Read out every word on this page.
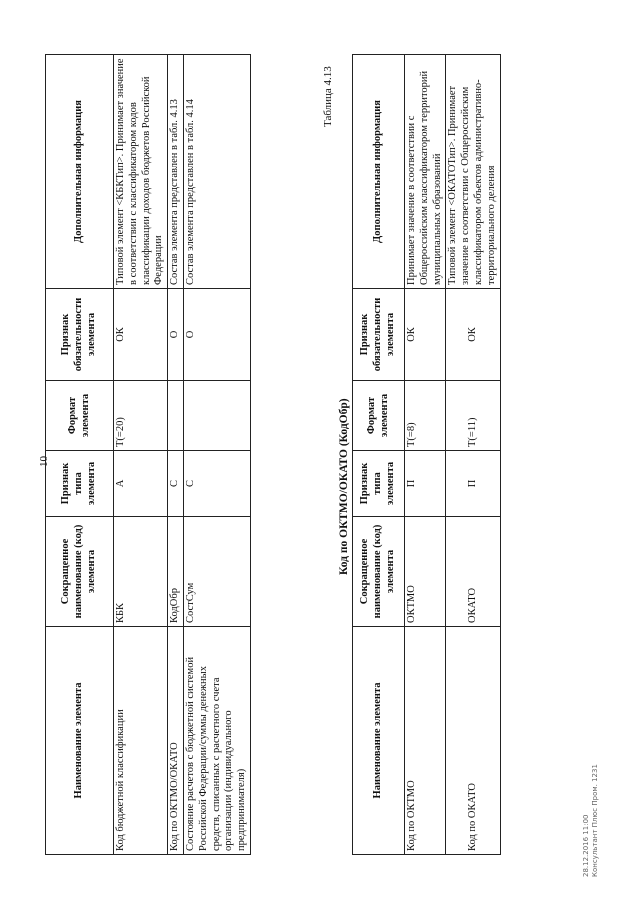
10
Наименование элемента	Сокращенное наименование (код) элемента	Признак типа элемента	Формат элемента	Признак обязательности элемента	Дополнительная информация
Код бюджетной классификации	КБК	А	Т(=20)	ОК	Типовой элемент <КБКТип>. Принимает значение в соответствии с классификатором кодов классификации доходов бюджетов Российской Федерации
Код по ОКТМО/ОКАТО	КодОбр	С		О	Состав элемента представлен в табл. 4.13
Состояние расчетов с бюджетной системой Российской Федерации/суммы денежных средств, списанных с расчетного счета организации (индивидуального предпринимателя)	СостСум	С		О	Состав элемента представлен в табл. 4.14
Таблица 4.13
Код по ОКТМО/ОКАТО (КодОбр)
Наименование элемента	Сокращенное наименование (код) элемента	Признак типа элемента	Формат элемента	Признак обязательности элемента	Дополнительная информация
Код по ОКТМО	ОКТМО	П	Т(=8)	ОК	Принимает значение в соответствии с Общероссийским классификатором территорий муниципальных образований
Код по ОКАТО	ОКАТО	П	Т(=11)	ОК	Типовой элемент <ОКАТОТип>. Принимает значение в соответствии с Общероссийским классификатором объектов административно-территориального деления
28.12.2016 11:00 Консультант Плюс Пром. 1231
